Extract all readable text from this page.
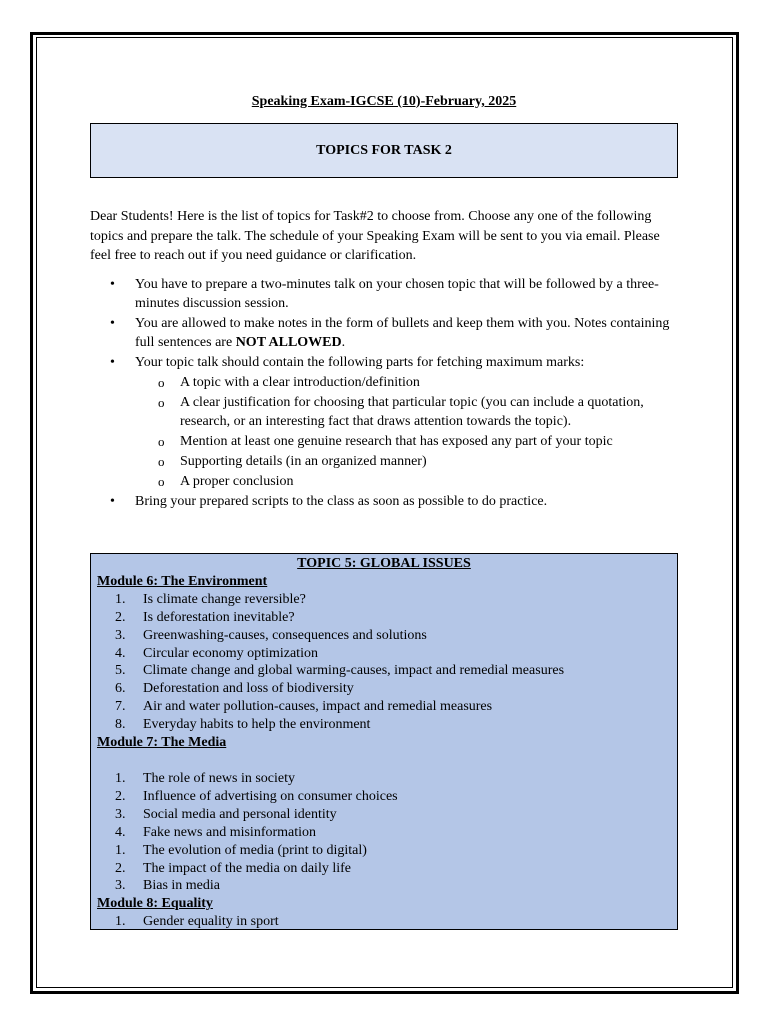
Speaking Exam-IGCSE (10)-February, 2025
TOPICS FOR TASK 2
Dear Students! Here is the list of topics for Task#2 to choose from. Choose any one of the following topics and prepare the talk. The schedule of your Speaking Exam will be sent to you via email. Please feel free to reach out if you need guidance or clarification.
• You have to prepare a two-minutes talk on your chosen topic that will be followed by a three-minutes discussion session.
• You are allowed to make notes in the form of bullets and keep them with you. Notes containing full sentences are NOT ALLOWED.
• Your topic talk should contain the following parts for fetching maximum marks:
o A topic with a clear introduction/definition
o A clear justification for choosing that particular topic (you can include a quotation, research, or an interesting fact that draws attention towards the topic).
o Mention at least one genuine research that has exposed any part of your topic
o Supporting details (in an organized manner)
o A proper conclusion
• Bring your prepared scripts to the class as soon as possible to do practice.
TOPIC 5: GLOBAL ISSUES
Module 6: The Environment
1.	Is climate change reversible?
2.	Is deforestation inevitable?
3.	Greenwashing-causes, consequences and solutions
4.	Circular economy optimization
5.	Climate change and global warming-causes, impact and remedial measures
6.	Deforestation and loss of biodiversity
7.	Air and water pollution-causes, impact and remedial measures
8.	Everyday habits to help the environment
Module 7: The Media
1.	The role of news in society
2.	Influence of advertising on consumer choices
3.	Social media and personal identity
4.	Fake news and misinformation
1.	The evolution of media (print to digital)
2.	The impact of the media on daily life
3.	Bias in media
Module 8: Equality
1.	Gender equality in sport
